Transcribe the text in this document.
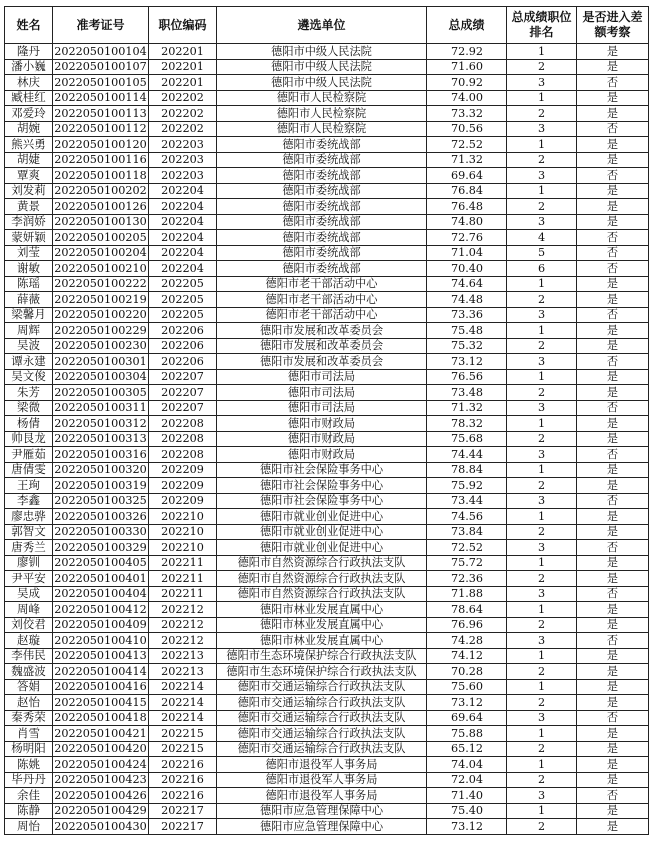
姓名	准考证号	职位编码	遴选单位	总成绩	总成绩职位排名	是否进入差额考察
隆丹	2022050100104	202201	德阳市中级人民法院	72.92	1	是
潘小巍	2022050100107	202201	德阳市中级人民法院	71.60	2	是
林庆	2022050100105	202201	德阳市中级人民法院	70.92	3	否
臧桂红	2022050100114	202202	德阳市人民检察院	74.00	1	是
邓爱玲	2022050100113	202202	德阳市人民检察院	73.32	2	是
胡婉	2022050100112	202202	德阳市人民检察院	70.56	3	否
熊兴勇	2022050100120	202203	德阳市委统战部	72.52	1	是
胡婕	2022050100116	202203	德阳市委统战部	71.32	2	是
覃爽	2022050100118	202203	德阳市委统战部	69.64	3	否
刘发莉	2022050100202	202204	德阳市委统战部	76.84	1	是
黄景	2022050100126	202204	德阳市委统战部	76.48	2	是
李润娇	2022050100130	202204	德阳市委统战部	74.80	3	是
蒙妍颖	2022050100205	202204	德阳市委统战部	72.76	4	否
刘莹	2022050100204	202204	德阳市委统战部	71.04	5	否
谢敏	2022050100210	202204	德阳市委统战部	70.40	6	否
陈瑶	2022050100222	202205	德阳市老干部活动中心	74.64	1	是
薛薇	2022050100219	202205	德阳市老干部活动中心	74.48	2	是
梁馨月	2022050100220	202205	德阳市老干部活动中心	73.36	3	否
周辉	2022050100229	202206	德阳市发展和改革委员会	75.48	1	是
吴波	2022050100230	202206	德阳市发展和改革委员会	75.32	2	是
谭永建	2022050100301	202206	德阳市发展和改革委员会	73.12	3	否
吴文俊	2022050100304	202207	德阳市司法局	76.56	1	是
朱芳	2022050100305	202207	德阳市司法局	73.48	2	是
梁微	2022050100311	202207	德阳市司法局	71.32	3	否
杨倩	2022050100312	202208	德阳市财政局	78.32	1	是
帅艮龙	2022050100313	202208	德阳市财政局	75.68	2	是
尹雁茹	2022050100316	202208	德阳市财政局	74.44	3	否
唐倩雯	2022050100320	202209	德阳市社会保险事务中心	78.84	1	是
王珣	2022050100319	202209	德阳市社会保险事务中心	75.92	2	是
李鑫	2022050100325	202209	德阳市社会保险事务中心	73.44	3	否
廖忠骅	2022050100326	202210	德阳市就业创业促进中心	74.56	1	是
郭智文	2022050100330	202210	德阳市就业创业促进中心	73.84	2	是
唐秀兰	2022050100329	202210	德阳市就业创业促进中心	72.52	3	否
廖钏	2022050100405	202211	德阳市自然资源综合行政执法支队	75.72	1	是
尹平安	2022050100401	202211	德阳市自然资源综合行政执法支队	72.36	2	是
吴成	2022050100404	202211	德阳市自然资源综合行政执法支队	71.88	3	否
周峰	2022050100412	202212	德阳市林业发展直属中心	78.64	1	是
刘佼君	2022050100409	202212	德阳市林业发展直属中心	76.96	2	是
赵璇	2022050100410	202212	德阳市林业发展直属中心	74.28	3	否
李伟民	2022050100413	202213	德阳市生态环境保护综合行政执法支队	74.12	1	是
魏盛波	2022050100414	202213	德阳市生态环境保护综合行政执法支队	70.28	2	是
答娟	2022050100416	202214	德阳市交通运输综合行政执法支队	75.60	1	是
赵怡	2022050100415	202214	德阳市交通运输综合行政执法支队	73.12	2	是
秦秀荣	2022050100418	202214	德阳市交通运输综合行政执法支队	69.64	3	否
肖雪	2022050100421	202215	德阳市交通运输综合行政执法支队	75.88	1	是
杨明阳	2022050100420	202215	德阳市交通运输综合行政执法支队	65.12	2	是
陈姚	2022050100424	202216	德阳市退役军人事务局	74.04	1	是
毕丹丹	2022050100423	202216	德阳市退役军人事务局	72.04	2	是
余佳	2022050100426	202216	德阳市退役军人事务局	71.40	3	否
陈静	2022050100429	202217	德阳市应急管理保障中心	75.40	1	是
周怡	2022050100430	202217	德阳市应急管理保障中心	73.12	2	是
